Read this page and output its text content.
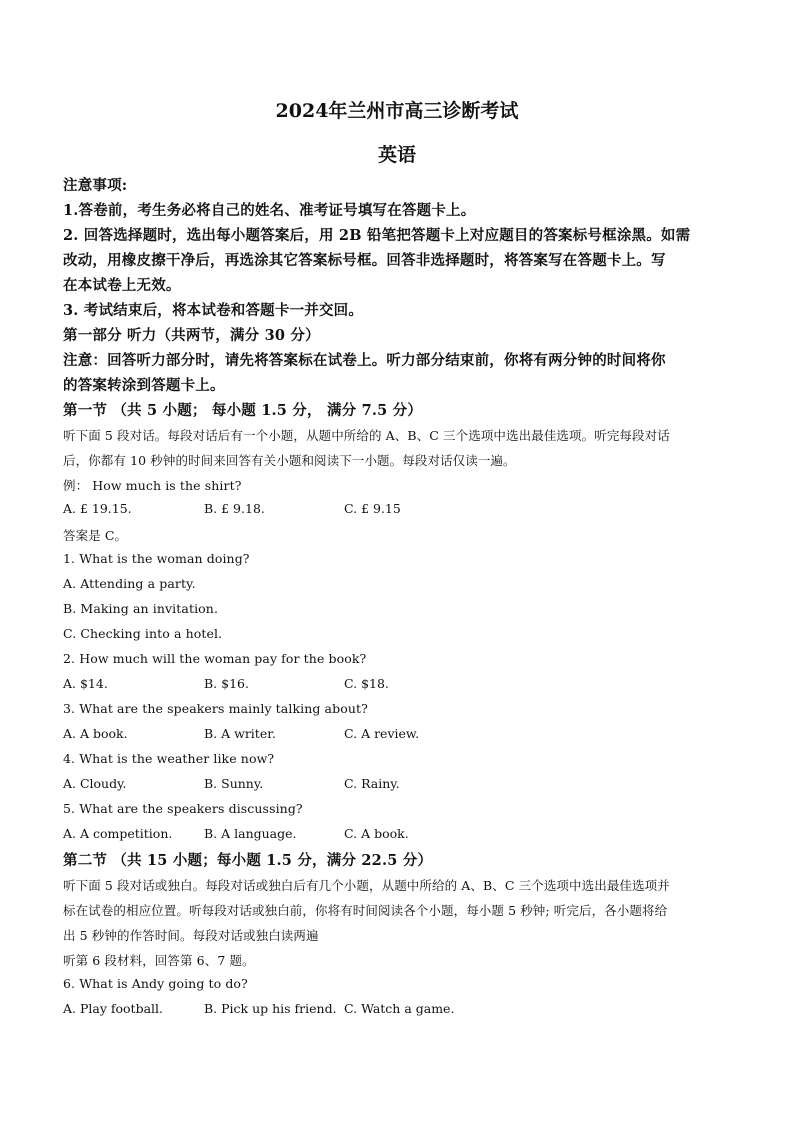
2024年兰州市高三诊断考试
英语
注意事项:
1.答卷前，考生务必将自己的姓名、准考证号填写在答题卡上。
2. 回答选择题时，选出每小题答案后，用 2B 铅笔把答题卡上对应题目的答案标号框涂黑。如需
改动，用橡皮擦干净后，再选涂其它答案标号框。回答非选择题时，将答案写在答题卡上。写
在本试卷上无效。
3. 考试结束后，将本试卷和答题卡一并交回。
第一部分 听力（共两节，满分 30 分）
注意：回答听力部分时，请先将答案标在试卷上。听力部分结束前，你将有两分钟的时间将你
的答案转涂到答题卡上。
第一节 （共 5 小题； 每小题 1.5 分， 满分 7.5 分）
听下面 5 段对话。每段对话后有一个小题，从题中所给的 A、B、C 三个选项中选出最佳选项。听完每段对话
后，你都有 10 秒钟的时间来回答有关小题和阅读下一小题。每段对话仅读一遍。
例： How much is the shirt?
A. £ 19.15.	B. £ 9.18.	C. £ 9.15
答案是 C。
1. What is the woman doing?
A. Attending a party.
B. Making an invitation.
C. Checking into a hotel.
2. How much will the woman pay for the book?
A. $14.	B. $16.	C. $18.
3. What are the speakers mainly talking about?
A. A book.	B. A writer.	C. A review.
4. What is the weather like now?
A. Cloudy.	B. Sunny.	C. Rainy.
5. What are the speakers discussing?
A. A competition.	B. A language.	C. A book.
第二节 （共 15 小题；每小题 1.5 分，满分 22.5 分）
听下面 5 段对话或独白。每段对话或独白后有几个小题，从题中所给的 A、B、C 三个选项中选出最佳选项并
标在试卷的相应位置。听每段对话或独白前，你将有时间阅读各个小题，每小题 5 秒钟; 听完后，各小题将给
出 5 秒钟的作答时间。每段对话或独白读两遍
听第 6 段材料，回答第 6、7 题。
6. What is Andy going to do?
A. Play football.	B. Pick up his friend. C. Watch a game.
